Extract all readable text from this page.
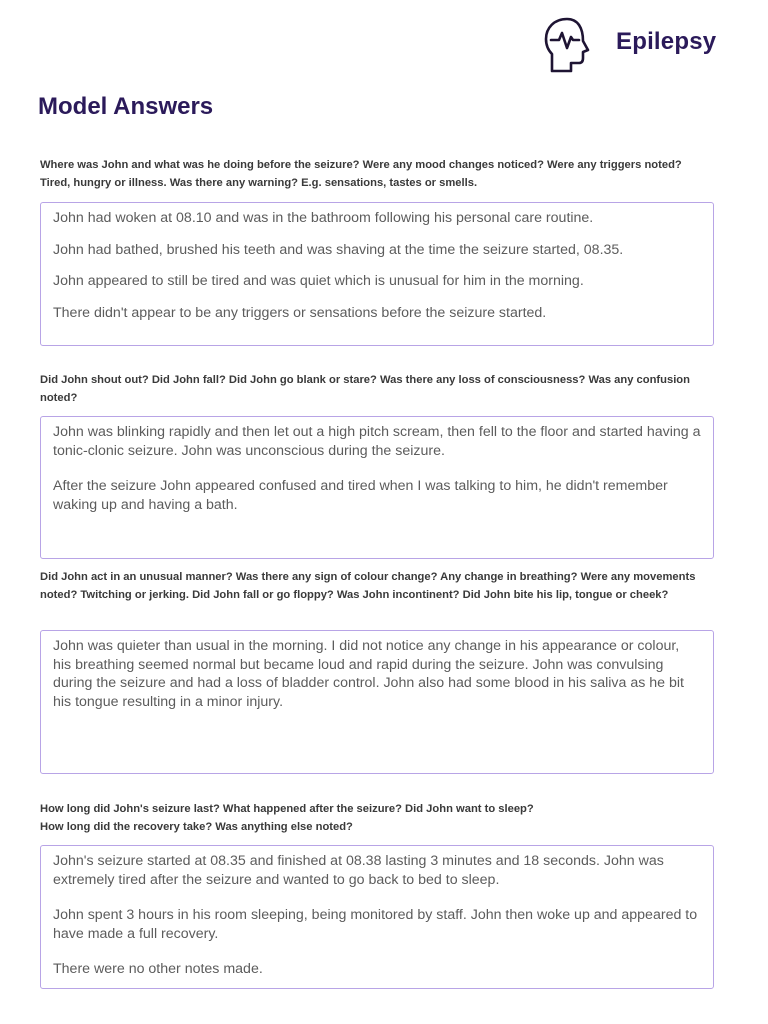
Epilepsy
Model Answers

Where was John and what was he doing before the seizure? Were any mood changes noticed? Were any triggers noted? Tired, hungry or illness. Was there any warning? E.g. sensations, tastes or smells.

John had woken at 08.10 and was in the bathroom following his personal care routine.

John had bathed, brushed his teeth and was shaving at the time the seizure started, 08.35.

John appeared to still be tired and was quiet which is unusual for him in the morning.

There didn't appear to be any triggers or sensations before the seizure started.

Did John shout out? Did John fall? Did John go blank or stare? Was there any loss of consciousness? Was any confusion noted?

John was blinking rapidly and then let out a high pitch scream, then fell to the floor and started having a tonic-clonic seizure. John was unconscious during the seizure.

After the seizure John appeared confused and tired when I was talking to him, he didn't remember waking up and having a bath.

Did John act in an unusual manner? Was there any sign of colour change? Any change in breathing? Were any movements noted? Twitching or jerking. Did John fall or go floppy? Was John incontinent? Did John bite his lip, tongue or cheek?

John was quieter than usual in the morning. I did not notice any change in his appearance or colour, his breathing seemed normal but became loud and rapid during the seizure. John was convulsing during the seizure and had a loss of bladder control. John also had some blood in his saliva as he bit his tongue resulting in a minor injury.

How long did John's seizure last? What happened after the seizure? Did John want to sleep?
How long did the recovery take? Was anything else noted?

John's seizure started at 08.35 and finished at 08.38 lasting 3 minutes and 18 seconds. John was extremely tired after the seizure and wanted to go back to bed to sleep.

John spent 3 hours in his room sleeping, being monitored by staff. John then woke up and appeared to have made a full recovery.

There were no other notes made.
